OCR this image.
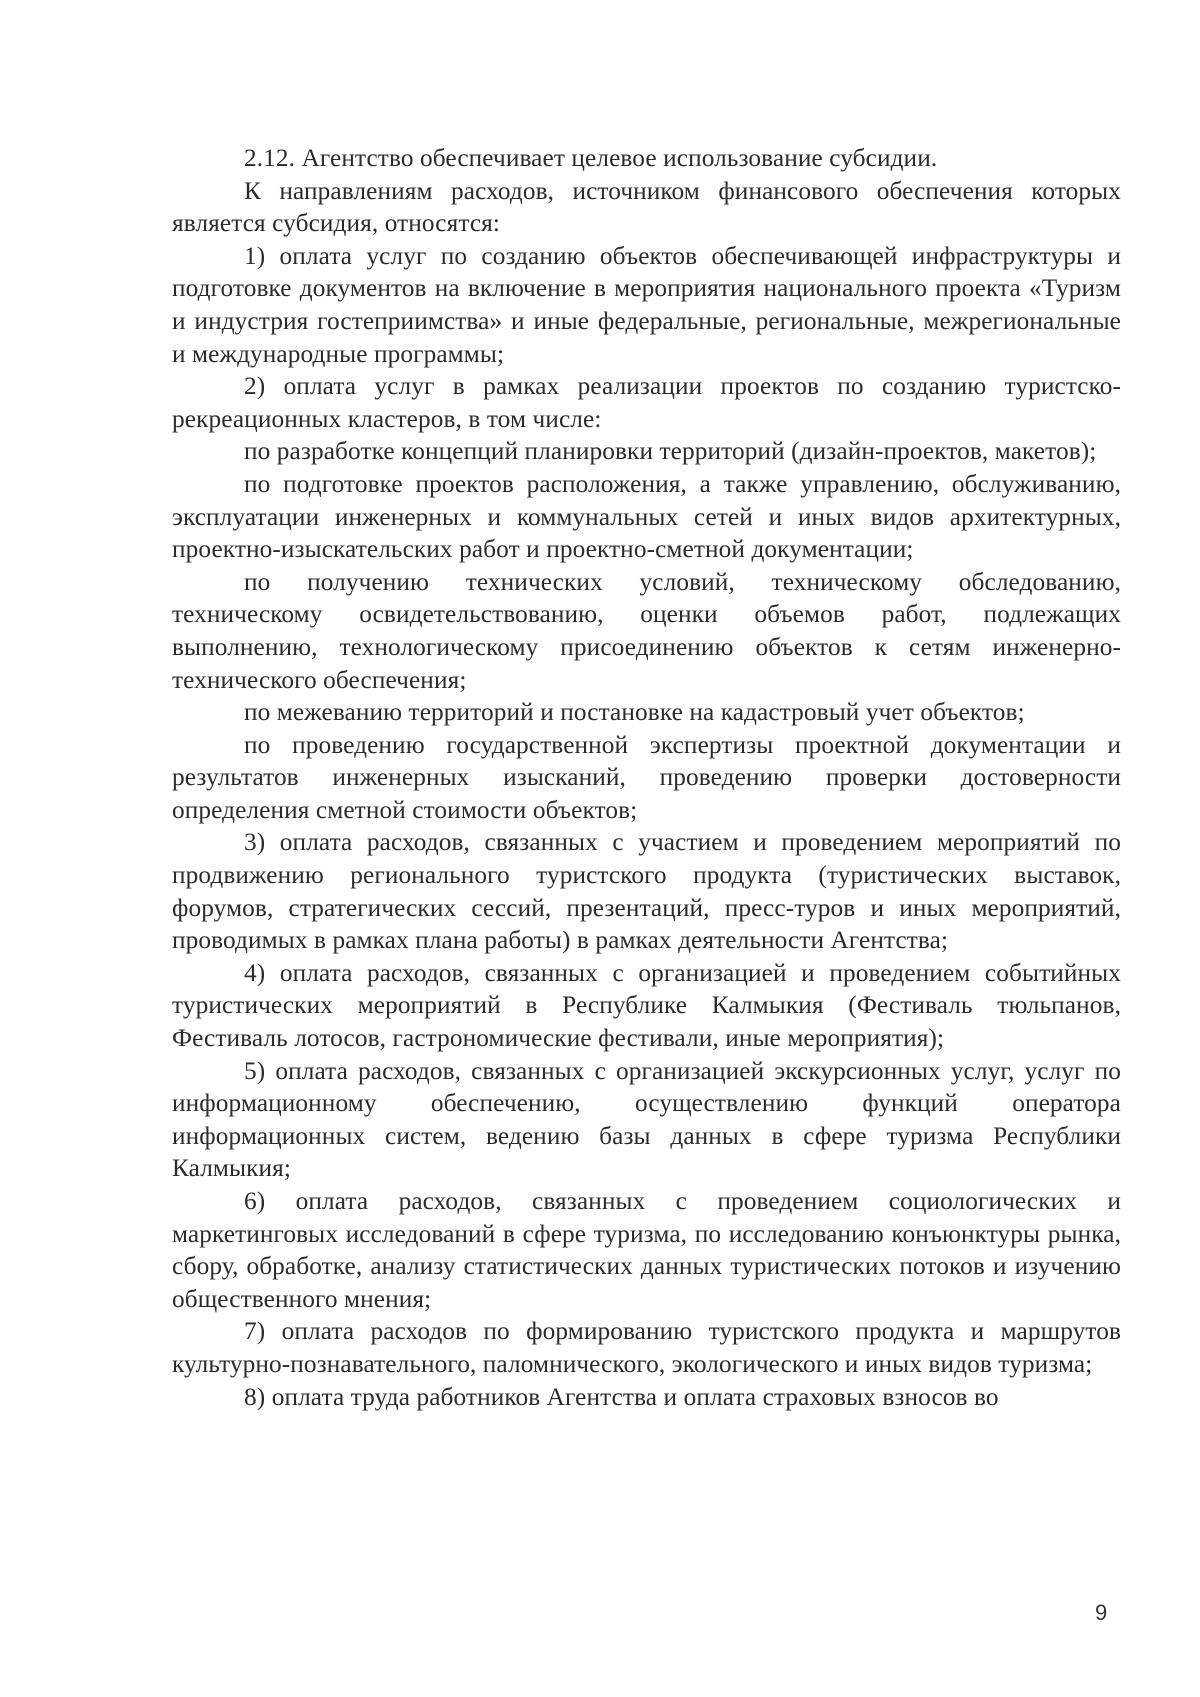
2.12. Агентство обеспечивает целевое использование субсидии.

К направлениям расходов, источником финансового обеспечения которых является субсидия, относятся:

1) оплата услуг по созданию объектов обеспечивающей инфраструктуры и подготовке документов на включение в мероприятия национального проекта «Туризм и индустрия гостеприимства» и иные федеральные, региональные, межрегиональные и международные программы;

2) оплата услуг в рамках реализации проектов по созданию туристско-рекреационных кластеров, в том числе:

по разработке концепций планировки территорий (дизайн-проектов, макетов);

по подготовке проектов расположения, а также управлению, обслуживанию, эксплуатации инженерных и коммунальных сетей и иных видов архитектурных, проектно-изыскательских работ и проектно-сметной документации;

по получению технических условий, техническому обследованию, техническому освидетельствованию, оценки объемов работ, подлежащих выполнению, технологическому присоединению объектов к сетям инженерно-технического обеспечения;

по межеванию территорий и постановке на кадастровый учет объектов;

по проведению государственной экспертизы проектной документации и результатов инженерных изысканий, проведению проверки достоверности определения сметной стоимости объектов;

3) оплата расходов, связанных с участием и проведением мероприятий по продвижению регионального туристского продукта (туристических выставок, форумов, стратегических сессий, презентаций, пресс-туров и иных мероприятий, проводимых в рамках плана работы) в рамках деятельности Агентства;

4) оплата расходов, связанных с организацией и проведением событийных туристических мероприятий в Республике Калмыкия (Фестиваль тюльпанов, Фестиваль лотосов, гастрономические фестивали, иные мероприятия);

5) оплата расходов, связанных с организацией экскурсионных услуг, услуг по информационному обеспечению, осуществлению функций оператора информационных систем, ведению базы данных в сфере туризма Республики Калмыкия;

6) оплата расходов, связанных с проведением социологических и маркетинговых исследований в сфере туризма, по исследованию конъюнктуры рынка, сбору, обработке, анализу статистических данных туристических потоков и изучению общественного мнения;

7) оплата расходов по формированию туристского продукта и маршрутов культурно-познавательного, паломнического, экологического и иных видов туризма;

8) оплата труда работников Агентства и оплата страховых взносов во

9
